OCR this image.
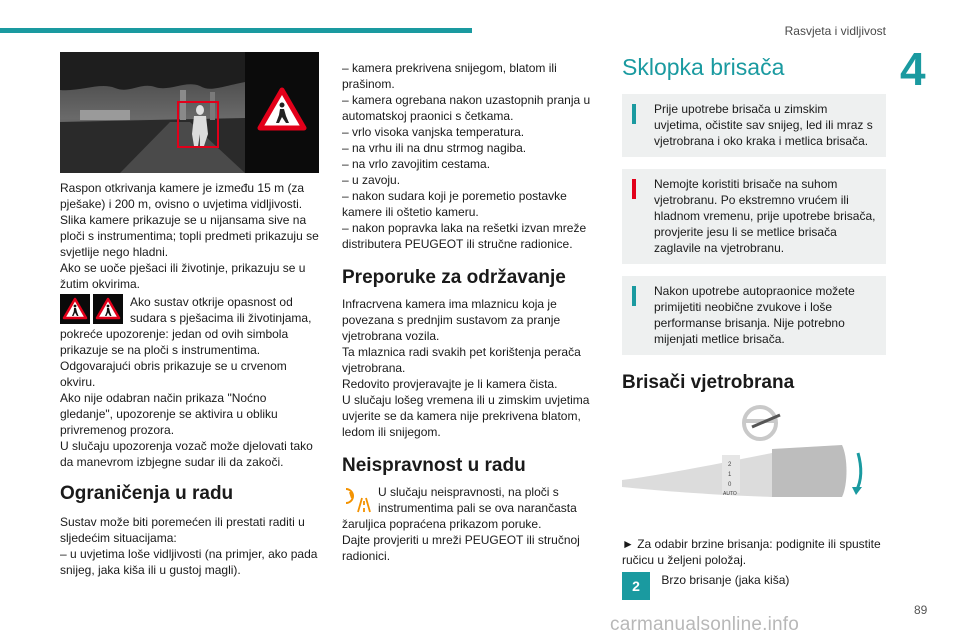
Rasvjeta i vidljivost
4

Raspon otkrivanja kamere je između 15 m (za pješake) i 200 m, ovisno o uvjetima vidljivosti.

Slika kamere prikazuje se u nijansama sive na ploči s instrumentima; topli predmeti prikazuju se svjetlije nego hladni.

Ako se uoče pješaci ili životinje, prikazuju se u žutim okvirima.

Ako sustav otkrije opasnost od sudara s pješacima ili životinjama, pokreće upozorenje: jedan od ovih simbola prikazuje se na ploči s instrumentima.

Odgovarajući obris prikazuje se u crvenom okviru.

Ako nije odabran način prikaza "Noćno gledanje", upozorenje se aktivira u obliku privremenog prozora.

U slučaju upozorenja vozač može djelovati tako da manevrom izbjegne sudar ili da zakoči.

Ograničenja u radu

Sustav može biti poremećen ili prestati raditi u sljedećim situacijama:

– u uvjetima loše vidljivosti (na primjer, ako pada snijeg, jaka kiša ili u gustoj magli).

– kamera prekrivena snijegom, blatom ili prašinom.

– kamera ogrebana nakon uzastopnih pranja u automatskoj praonici s četkama.

– vrlo visoka vanjska temperatura.

– na vrhu ili na dnu strmog nagiba.

– na vrlo zavojitim cestama.

– u zavoju.

– nakon sudara koji je poremetio postavke kamere ili oštetio kameru.

– nakon popravka laka na rešetki izvan mreže distributera PEUGEOT ili stručne radionice.

Preporuke za održavanje

Infracrvena kamera ima mlaznicu koja je povezana s prednjim sustavom za pranje vjetrobrana vozila.

Ta mlaznica radi svakih pet korištenja perača vjetrobrana.

Redovito provjeravajte je li kamera čista.

U slučaju lošeg vremena ili u zimskim uvjetima uvjerite se da kamera nije prekrivena blatom, ledom ili snijegom.

Neispravnost u radu

U slučaju neispravnosti, na ploči s instrumentima pali se ova narančasta žaruljica popraćena prikazom poruke.

Dajte provjeriti u mreži PEUGEOT ili stručnoj radionici.

Sklopka brisača
Prije upotrebe brisača u zimskim uvjetima, očistite sav snijeg, led ili mraz s vjetrobrana i oko kraka i metlica brisača.
Nemojte koristiti brisače na suhom vjetrobranu. Po ekstremno vrućem ili hladnom vremenu, prije upotrebe brisača, provjerite jesu li se metlice brisača zaglavile na vjetrobranu.
Nakon upotrebe autopraonice možete primijetiti neobične zvukove i loše performanse brisanja. Nije potrebno mijenjati metlice brisača.
Brisači vjetrobrana
2
1
0
AUTO

► Za odabir brzine brisanja: podignite ili spustite ručicu u željeni položaj.

2 Brzo brisanje (jaka kiša)
89
carmanualsonline.info
